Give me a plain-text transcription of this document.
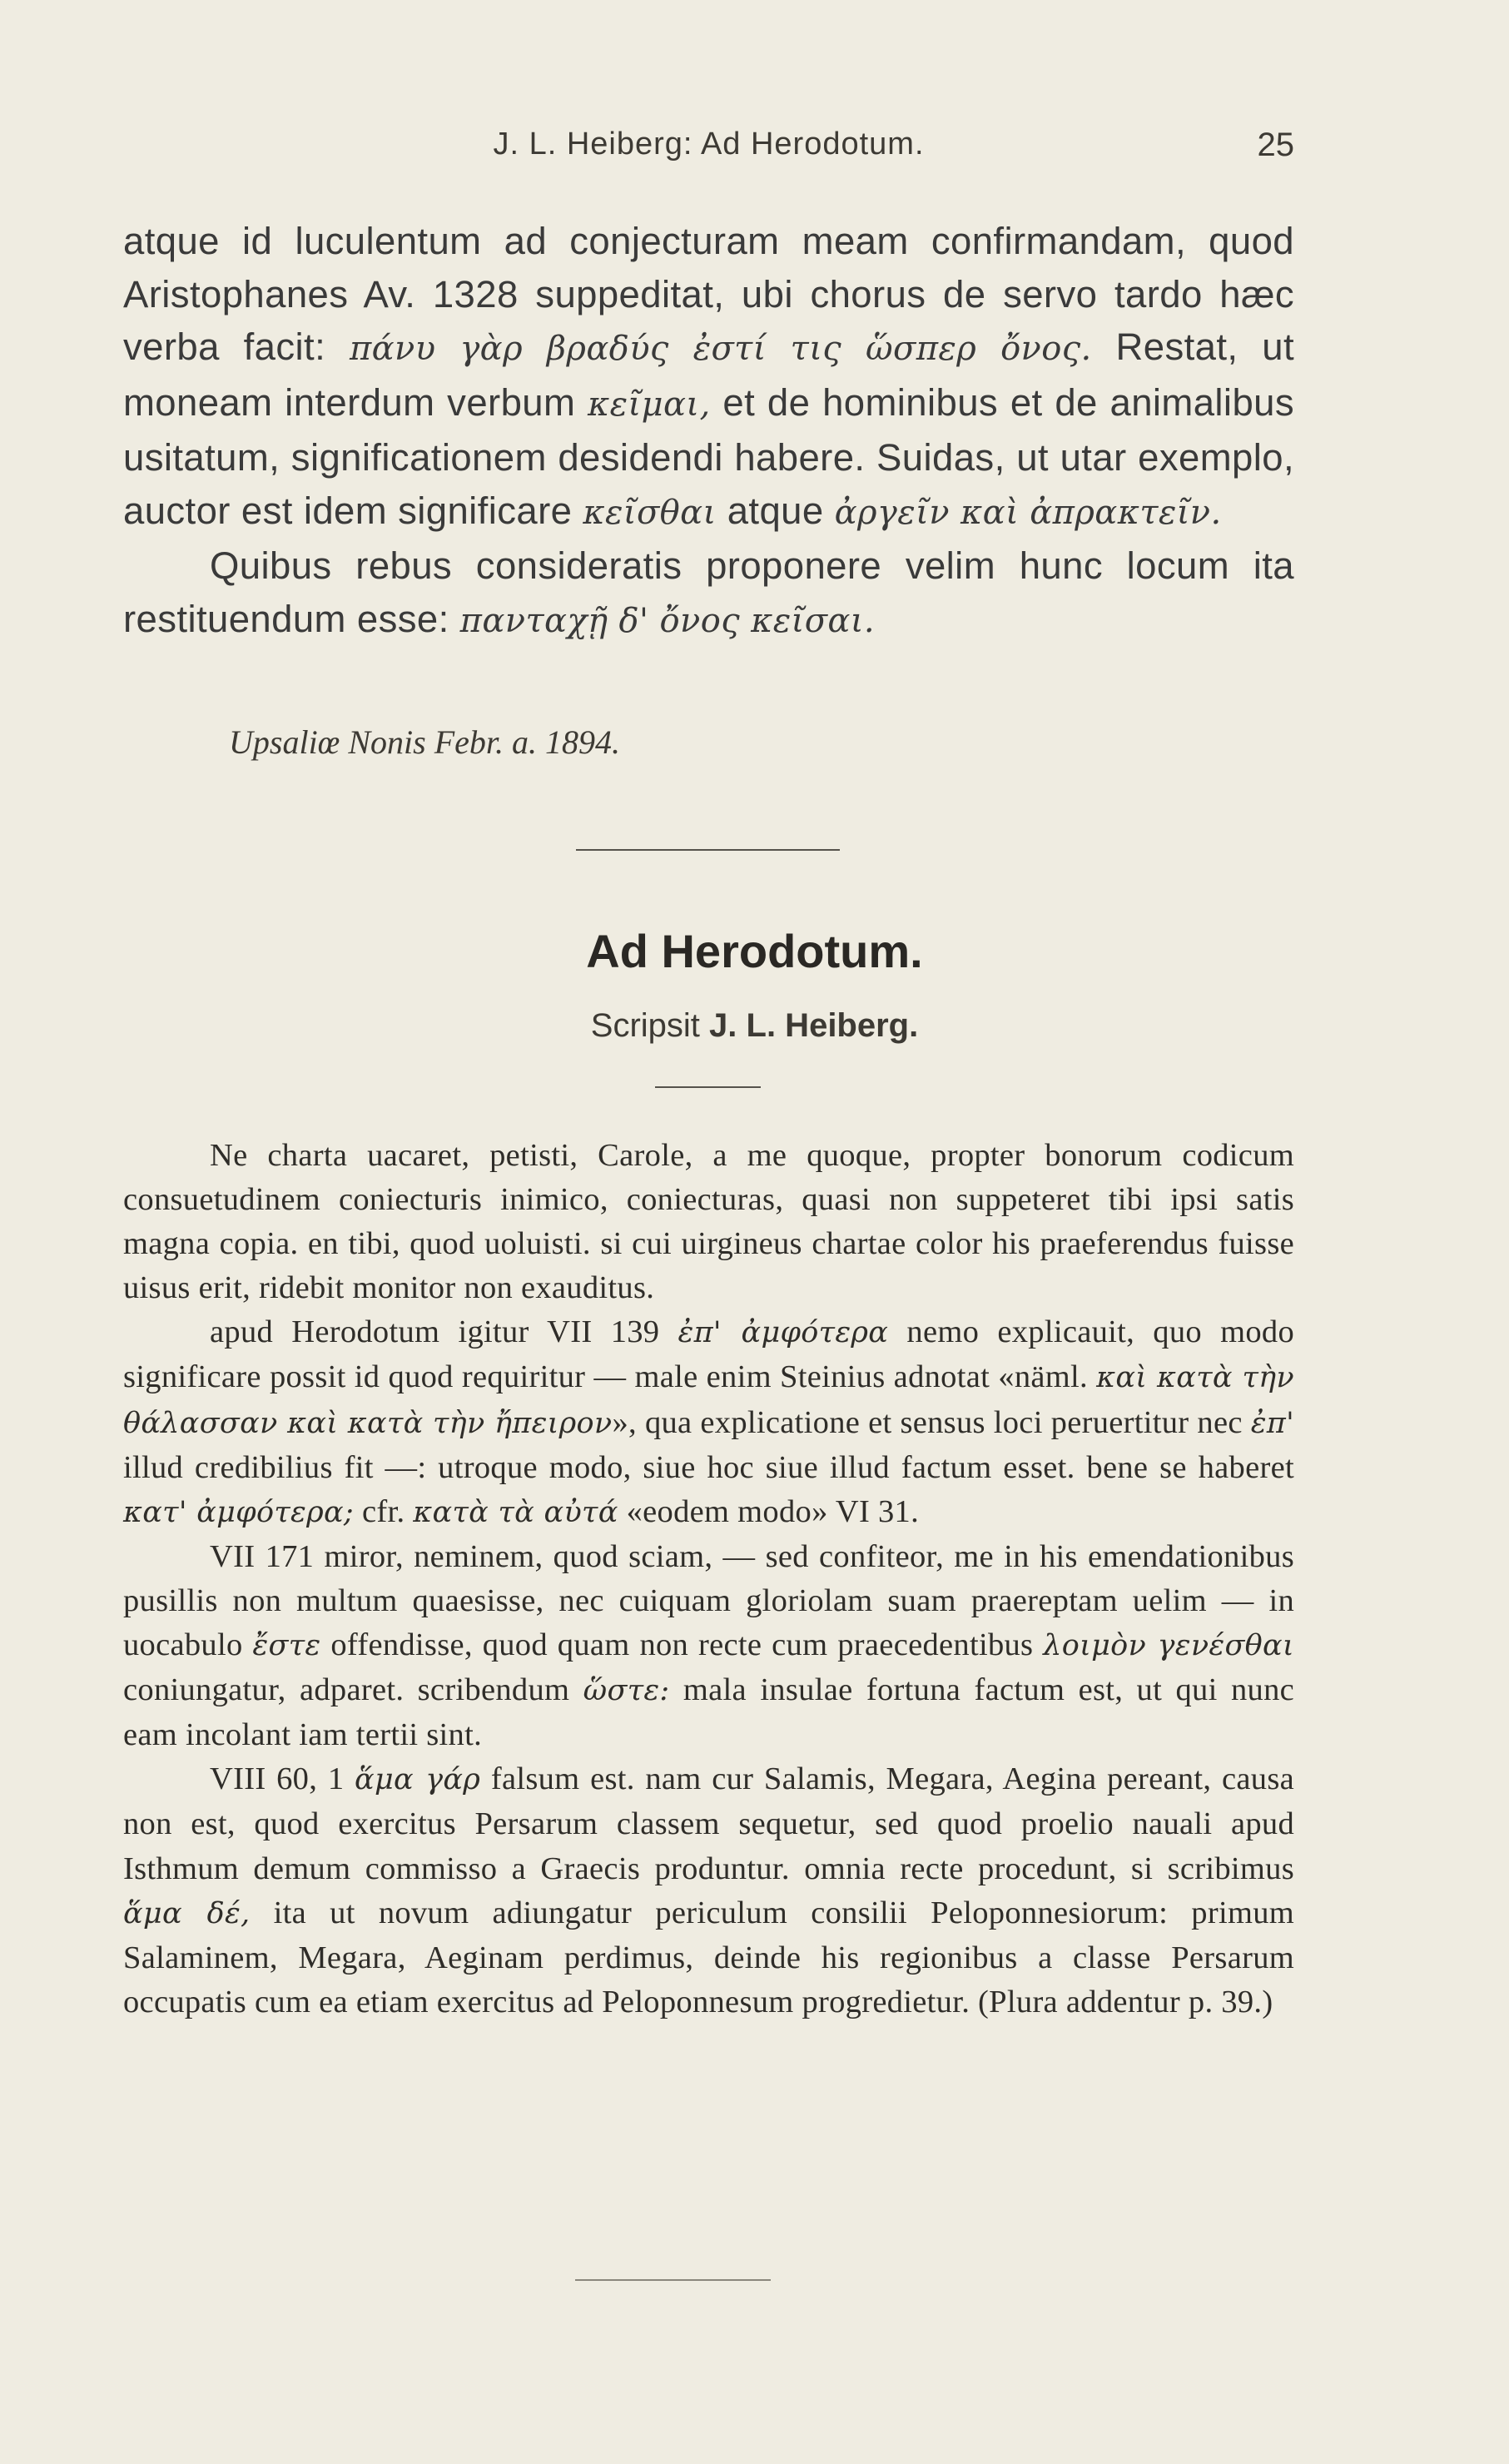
J. L. Heiberg: Ad Herodotum.	25

atque id luculentum ad conjecturam meam confirmandam, quod Aristophanes Av. 1328 suppeditat, ubi chorus de servo tardo hæc verba facit: πάνυ γὰρ βραδύς ἐστί τις ὥσπερ ὄνος. Restat, ut moneam interdum verbum κεῖμαι, et de hominibus et de animalibus usitatum, significationem desidendi habere. Suidas, ut utar exemplo, auctor est idem significare κεῖσθαι atque ἀργεῖν καὶ ἀπρακτεῖν.

Quibus rebus consideratis proponere velim hunc locum ita restituendum esse: πανταχῇ δ' ὄνος κεῖσαι.

Upsaliœ Nonis Febr. a. 1894.
Ad Herodotum.
Scripsit J. L. Heiberg.

Ne charta uacaret, petisti, Carole, a me quoque, propter bonorum codicum consuetudinem coniecturis inimico, coniecturas, quasi non suppeteret tibi ipsi satis magna copia. en tibi, quod uoluisti. si cui uirgineus chartae color his praeferendus fuisse uisus erit, ridebit monitor non exauditus.

apud Herodotum igitur VII 139 ἐπ' ἀμφότερα nemo explicauit, quo modo significare possit id quod requiritur — male enim Steinius adnotat «näml. καὶ κατὰ τὴν θάλασσαν καὶ κατὰ τὴν ἤπειρον», qua explicatione et sensus loci peruertitur nec ἐπ' illud credibilius fit —: utroque modo, siue hoc siue illud factum esset. bene se haberet κατ' ἀμφότερα; cfr. κατὰ τὰ αὐτά «eodem modo» VI 31.

VII 171 miror, neminem, quod sciam, — sed confiteor, me in his emendationibus pusillis non multum quaesisse, nec cuiquam gloriolam suam praereptam uelim — in uocabulo ἔστε offendisse, quod quam non recte cum praecedentibus λοιμὸν γενέσθαι coniungatur, adparet. scribendum ὥστε: mala insulae fortuna factum est, ut qui nunc eam incolant iam tertii sint.

VIII 60, 1 ἅμα γάρ falsum est. nam cur Salamis, Megara, Aegina pereant, causa non est, quod exercitus Persarum classem sequetur, sed quod proelio nauali apud Isthmum demum commisso a Graecis produntur. omnia recte procedunt, si scribimus ἅμα δέ, ita ut novum adiungatur periculum consilii Peloponnesiorum: primum Salaminem, Megara, Aeginam perdimus, deinde his regionibus a classe Persarum occupatis cum ea etiam exercitus ad Peloponnesum progredietur. (Plura addentur p. 39.)
